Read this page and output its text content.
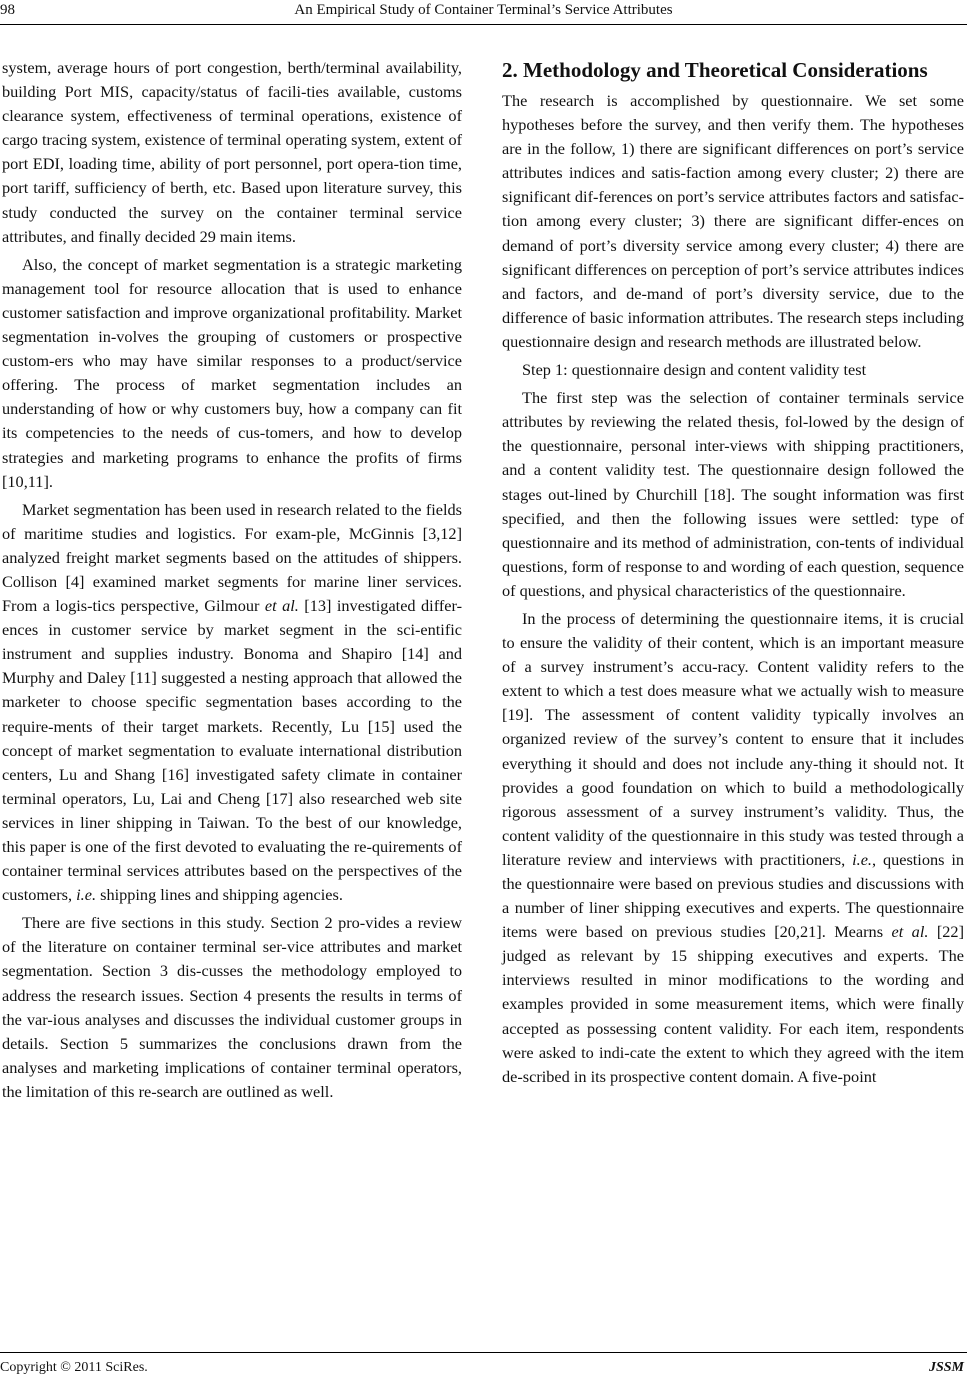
98	An Empirical Study of Container Terminal’s Service Attributes

system, average hours of port congestion, berth/terminal availability, building Port MIS, capacity/status of facili-ties available, customs clearance system, effectiveness of terminal operations, existence of cargo tracing system, existence of terminal operating system, extent of port EDI, loading time, ability of port personnel, port opera-tion time, port tariff, sufficiency of berth, etc. Based upon literature survey, this study conducted the survey on the container terminal service attributes, and finally decided 29 main items.

Also, the concept of market segmentation is a strategic marketing management tool for resource allocation that is used to enhance customer satisfaction and improve organizational profitability. Market segmentation in-volves the grouping of customers or prospective custom-ers who may have similar responses to a product/service offering. The process of market segmentation includes an understanding of how or why customers buy, how a company can fit its competencies to the needs of cus-tomers, and how to develop strategies and marketing programs to enhance the profits of firms [10,11].

Market segmentation has been used in research related to the fields of maritime studies and logistics. For exam-ple, McGinnis [3,12] analyzed freight market segments based on the attitudes of shippers. Collison [4] examined market segments for marine liner services. From a logis-tics perspective, Gilmour et al. [13] investigated differ-ences in customer service by market segment in the sci-entific instrument and supplies industry. Bonoma and Shapiro [14] and Murphy and Daley [11] suggested a nesting approach that allowed the marketer to choose specific segmentation bases according to the require-ments of their target markets. Recently, Lu [15] used the concept of market segmentation to evaluate international distribution centers, Lu and Shang [16] investigated safety climate in container terminal operators, Lu, Lai and Cheng [17] also researched web site services in liner shipping in Taiwan. To the best of our knowledge, this paper is one of the first devoted to evaluating the re-quirements of container terminal services attributes based on the perspectives of the customers, i.e. shipping lines and shipping agencies.

There are five sections in this study. Section 2 pro-vides a review of the literature on container terminal ser-vice attributes and market segmentation. Section 3 dis-cusses the methodology employed to address the research issues. Section 4 presents the results in terms of the var-ious analyses and discusses the individual customer groups in details. Section 5 summarizes the conclusions drawn from the analyses and marketing implications of container terminal operators, the limitation of this re-search are outlined as well.

2. Methodology and Theoretical Considerations

The research is accomplished by questionnaire. We set some hypotheses before the survey, and then verify them. The hypotheses are in the follow, 1) there are significant differences on port’s service attributes indices and satis-faction among every cluster; 2) there are significant dif-ferences on port’s service attributes factors and satisfac-tion among every cluster; 3) there are significant differ-ences on demand of port’s diversity service among every cluster; 4) there are significant differences on perception of port’s service attributes indices and factors, and de-mand of port’s diversity service, due to the difference of basic information attributes. The research steps including questionnaire design and research methods are illustrated below.

Step 1: questionnaire design and content validity test

The first step was the selection of container terminals service attributes by reviewing the related thesis, fol-lowed by the design of the questionnaire, personal inter-views with shipping practitioners, and a content validity test. The questionnaire design followed the stages out-lined by Churchill [18]. The sought information was first specified, and then the following issues were settled: type of questionnaire and its method of administration, con-tents of individual questions, form of response to and wording of each question, sequence of questions, and physical characteristics of the questionnaire.

In the process of determining the questionnaire items, it is crucial to ensure the validity of their content, which is an important measure of a survey instrument’s accu-racy. Content validity refers to the extent to which a test does measure what we actually wish to measure [19]. The assessment of content validity typically involves an organized review of the survey’s content to ensure that it includes everything it should and does not include any-thing it should not. It provides a good foundation on which to build a methodologically rigorous assessment of a survey instrument’s validity. Thus, the content validity of the questionnaire in this study was tested through a literature review and interviews with practitioners, i.e., questions in the questionnaire were based on previous studies and discussions with a number of liner shipping executives and experts. The questionnaire items were based on previous studies [20,21]. Mearns et al. [22] judged as relevant by 15 shipping executives and experts. The interviews resulted in minor modifications to the wording and examples provided in some measurement items, which were finally accepted as possessing content validity. For each item, respondents were asked to indi-cate the extent to which they agreed with the item de-scribed in its prospective content domain. A five-point

Copyright © 2011 SciRes.	JSSM
